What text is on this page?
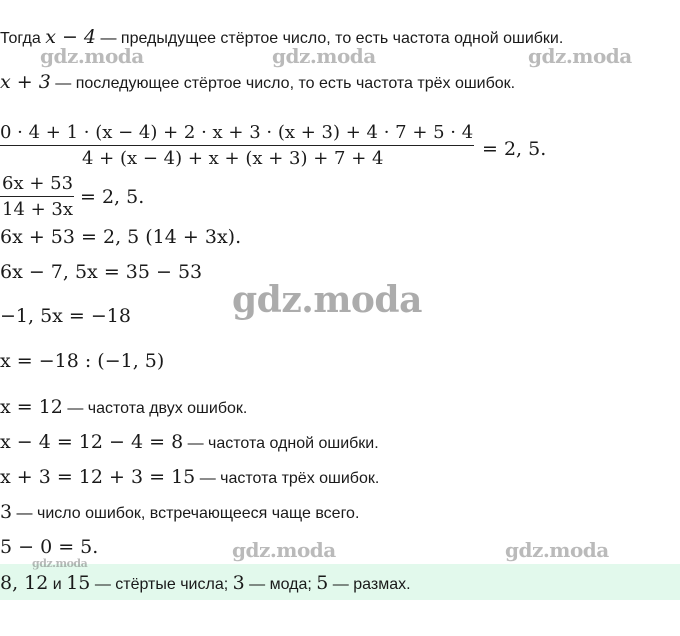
Тогда x − 4 — предыдущее стёртое число, то есть частота одной ошибки.
x + 3 — последующее стёртое число, то есть частота трёх ошибок.
0 · 4 + 1 · (x − 4) + 2 · x + 3 · (x + 3) + 4 · 7 + 5 · 4
4 + (x − 4) + x + (x + 3) + 7 + 4	= 2, 5.
6x + 53
14 + 3x
= 2, 5.
6x + 53 = 2, 5 (14 + 3x).
6x − 7, 5x = 35 − 53
−1, 5x = −18
x = −18 : (−1, 5)
x = 12 — частота двух ошибок.
x − 4 = 12 − 4 = 8 — частота одной ошибки.
x + 3 = 12 + 3 = 15 — частота трёх ошибок.
3 — число ошибок, встречающееся чаще всего.
5 − 0 = 5.
8, 12 и 15 — стёртые числа; 3 — мода; 5 — размах.
gdz.moda	gdz.moda	gdz.moda
gdz.moda
gdz.moda	gdz.moda
gdz.moda
